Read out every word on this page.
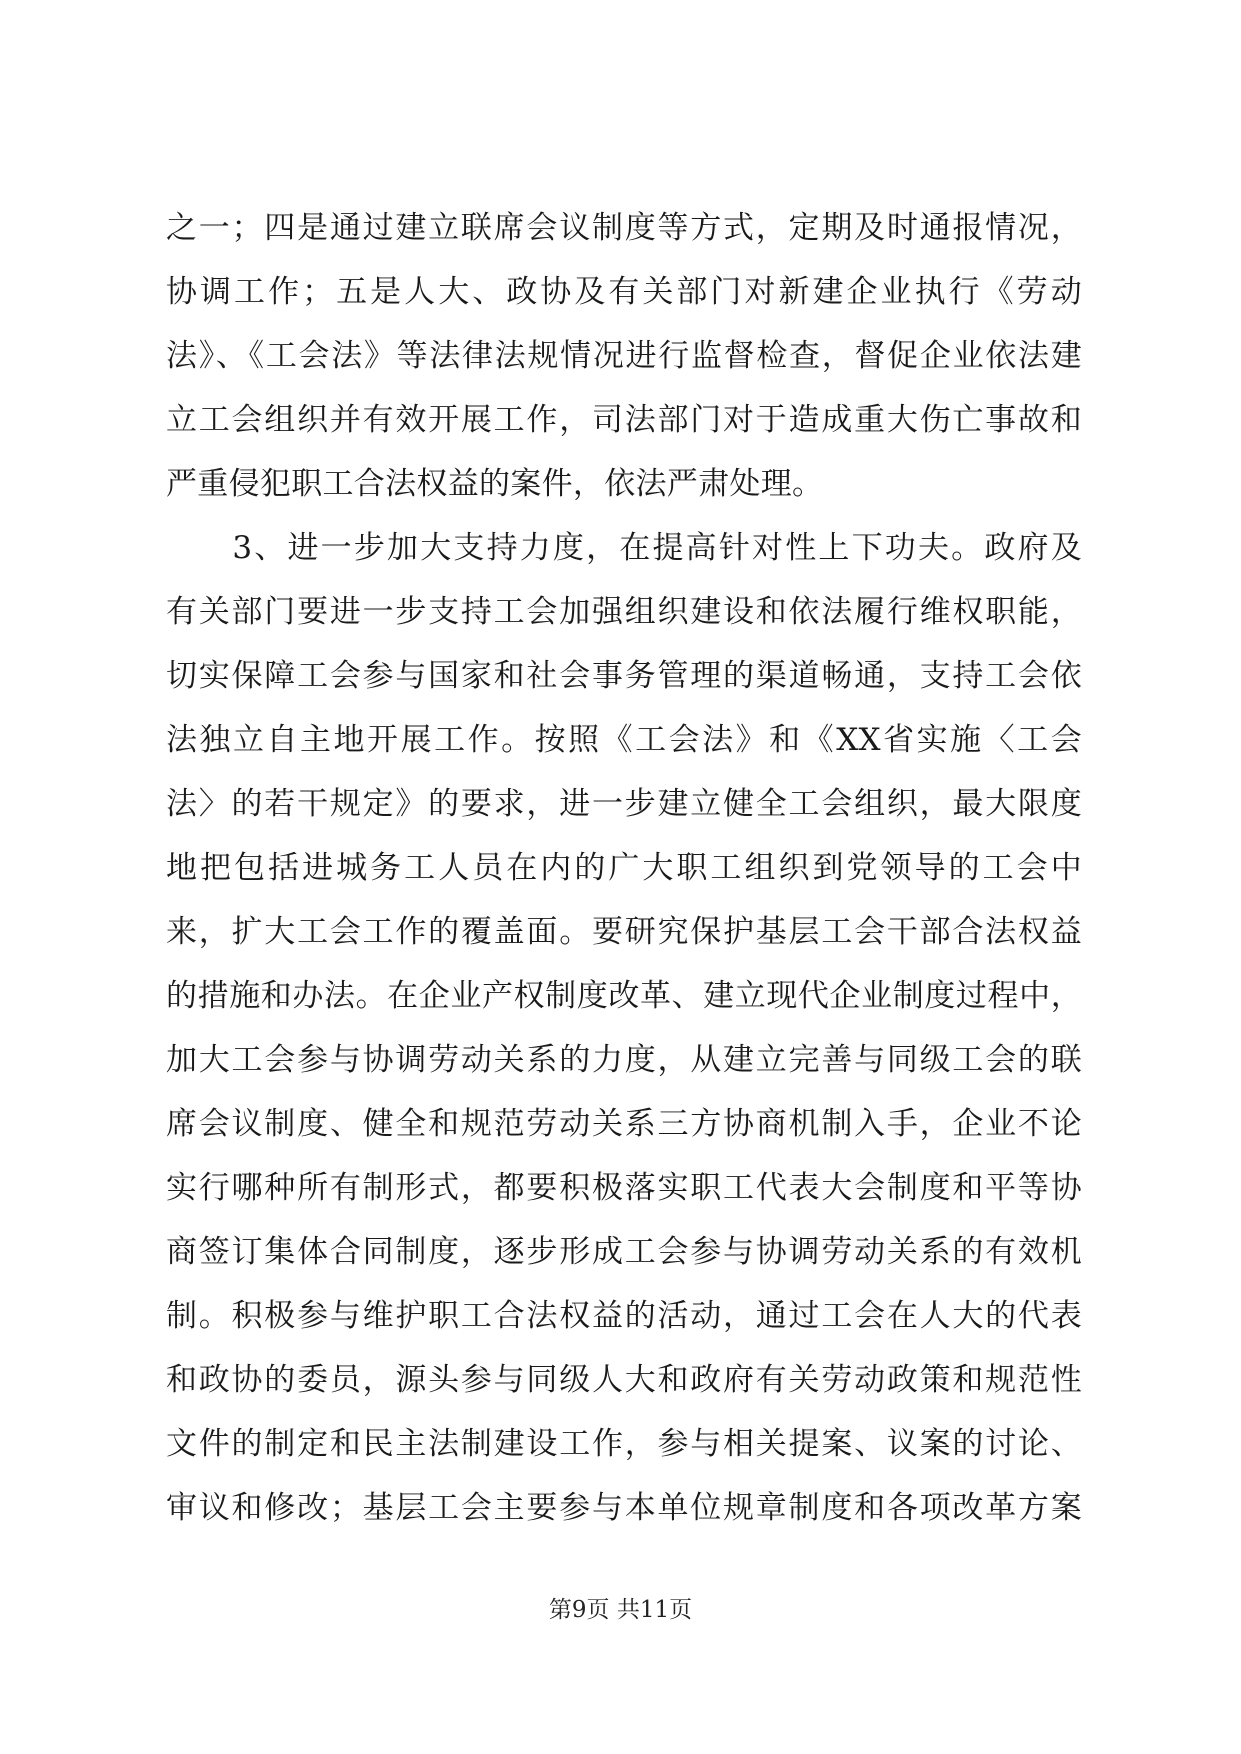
之一；四是通过建立联席会议制度等方式，定期及时通报情况，
协调工作；五是人大、政协及有关部门对新建企业执行《劳动
法》、《工会法》等法律法规情况进行监督检查，督促企业依法建
立工会组织并有效开展工作，司法部门对于造成重大伤亡事故和
严重侵犯职工合法权益的案件，依法严肃处理。
　　3、进一步加大支持力度，在提高针对性上下功夫。政府及
有关部门要进一步支持工会加强组织建设和依法履行维权职能，
切实保障工会参与国家和社会事务管理的渠道畅通，支持工会依
法独立自主地开展工作。按照《工会法》和《XX省实施〈工会
法〉的若干规定》的要求，进一步建立健全工会组织，最大限度
地把包括进城务工人员在内的广大职工组织到党领导的工会中
来，扩大工会工作的覆盖面。要研究保护基层工会干部合法权益
的措施和办法。在企业产权制度改革、建立现代企业制度过程中，
加大工会参与协调劳动关系的力度，从建立完善与同级工会的联
席会议制度、健全和规范劳动关系三方协商机制入手，企业不论
实行哪种所有制形式，都要积极落实职工代表大会制度和平等协
商签订集体合同制度，逐步形成工会参与协调劳动关系的有效机
制。积极参与维护职工合法权益的活动，通过工会在人大的代表
和政协的委员，源头参与同级人大和政府有关劳动政策和规范性
文件的制定和民主法制建设工作，参与相关提案、议案的讨论、
审议和修改；基层工会主要参与本单位规章制度和各项改革方案
第9页 共11页
